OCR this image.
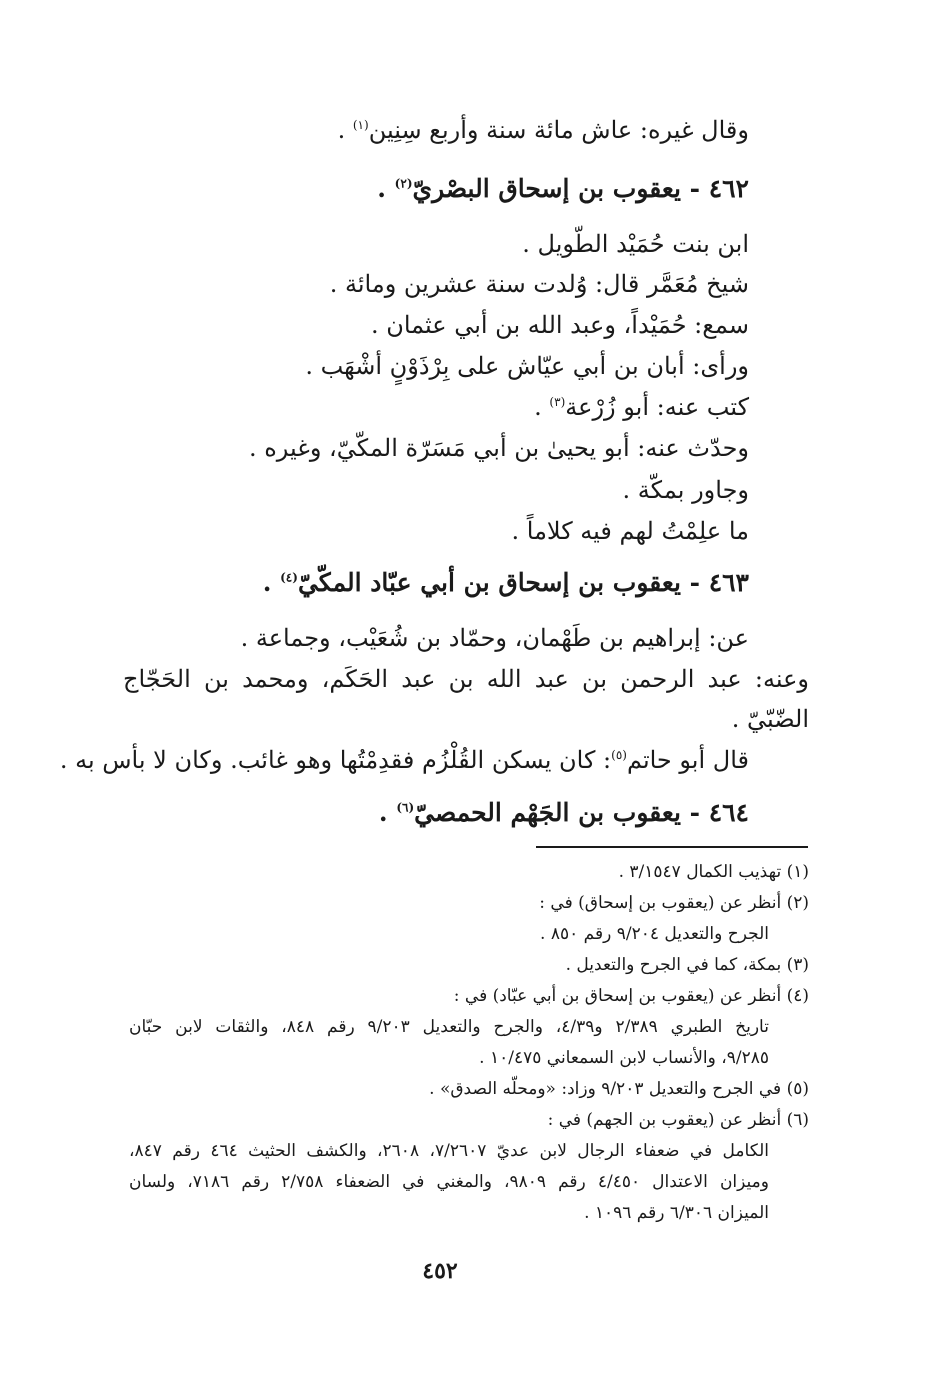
وقال غيره: عاش مائة سنة وأربع سِنِين$^{(١)}$ .
٤٦٢ - يعقوب بن إسحاق البصْريّ$^{(٢)}$ .
ابن بنت حُمَيْد الطّويل .
شيخ مُعَمَّر قال: وُلدت سنة عشرين ومائة .
سمع: حُمَيْداً، وعبد الله بن أبي عثمان .
ورأى: أبان بن أبي عيّاش على بِرْذَوْنٍ أشْهَب .
كتب عنه: أبو زُرْعة$^{(٣)}$ .
وحدّث عنه: أبو يحيىٰ بن أبي مَسَرّة المكّيّ، وغيره .
وجاور بمكّة .
ما علِمْتُ لهم فيه كلاماً .
٤٦٣ - يعقوب بن إسحاق بن أبي عبّاد المكّيّ$^{(٤)}$ .
عن: إبراهيم بن طَهْمان، وحمّاد بن شُعَيْب، وجماعة .
وعنه: عبد الرحمن بن عبد الله بن عبد الحَكَم، ومحمد بن الحَجّاج
الضّبّيّ .
قال أبو حاتم$^{(٥)}$: كان يسكن القُلْزُم فقدِمْتُها وهو غائب. وكان لا بأس به .
٤٦٤ - يعقوب بن الجَهْم الحمصيّ$^{(٦)}$ .
(١) تهذيب الكمال ٣/١٥٤٧ .
(٢) أنظر عن (يعقوب بن إسحاق) في :
الجرح والتعديل ٩/٢٠٤ رقم ٨٥٠ .
(٣) بمكة، كما في الجرح والتعديل .
(٤) أنظر عن (يعقوب بن إسحاق بن أبي عبّاد) في :
تاريخ الطبري ٢/٣٨٩ و٤/٣٩، والجرح والتعديل ٩/٢٠٣ رقم ٨٤٨، والثقات لابن حبّان
٩/٢٨٥، والأنساب لابن السمعاني ١٠/٤٧٥ .
(٥) في الجرح والتعديل ٩/٢٠٣ وزاد: «ومحلّه الصدق» .
(٦) أنظر عن (يعقوب بن الجهم) في :
الكامل في ضعفاء الرجال لابن عديّ ٧/٢٦٠٧، ٢٦٠٨، والكشف الحثيث ٤٦٤ رقم ٨٤٧،
وميزان الاعتدال ٤/٤٥٠ رقم ٩٨٠٩، والمغني في الضعفاء ٢/٧٥٨ رقم ٧١٨٦، ولسان
الميزان ٦/٣٠٦ رقم ١٠٩٦ .
٤٥٢
